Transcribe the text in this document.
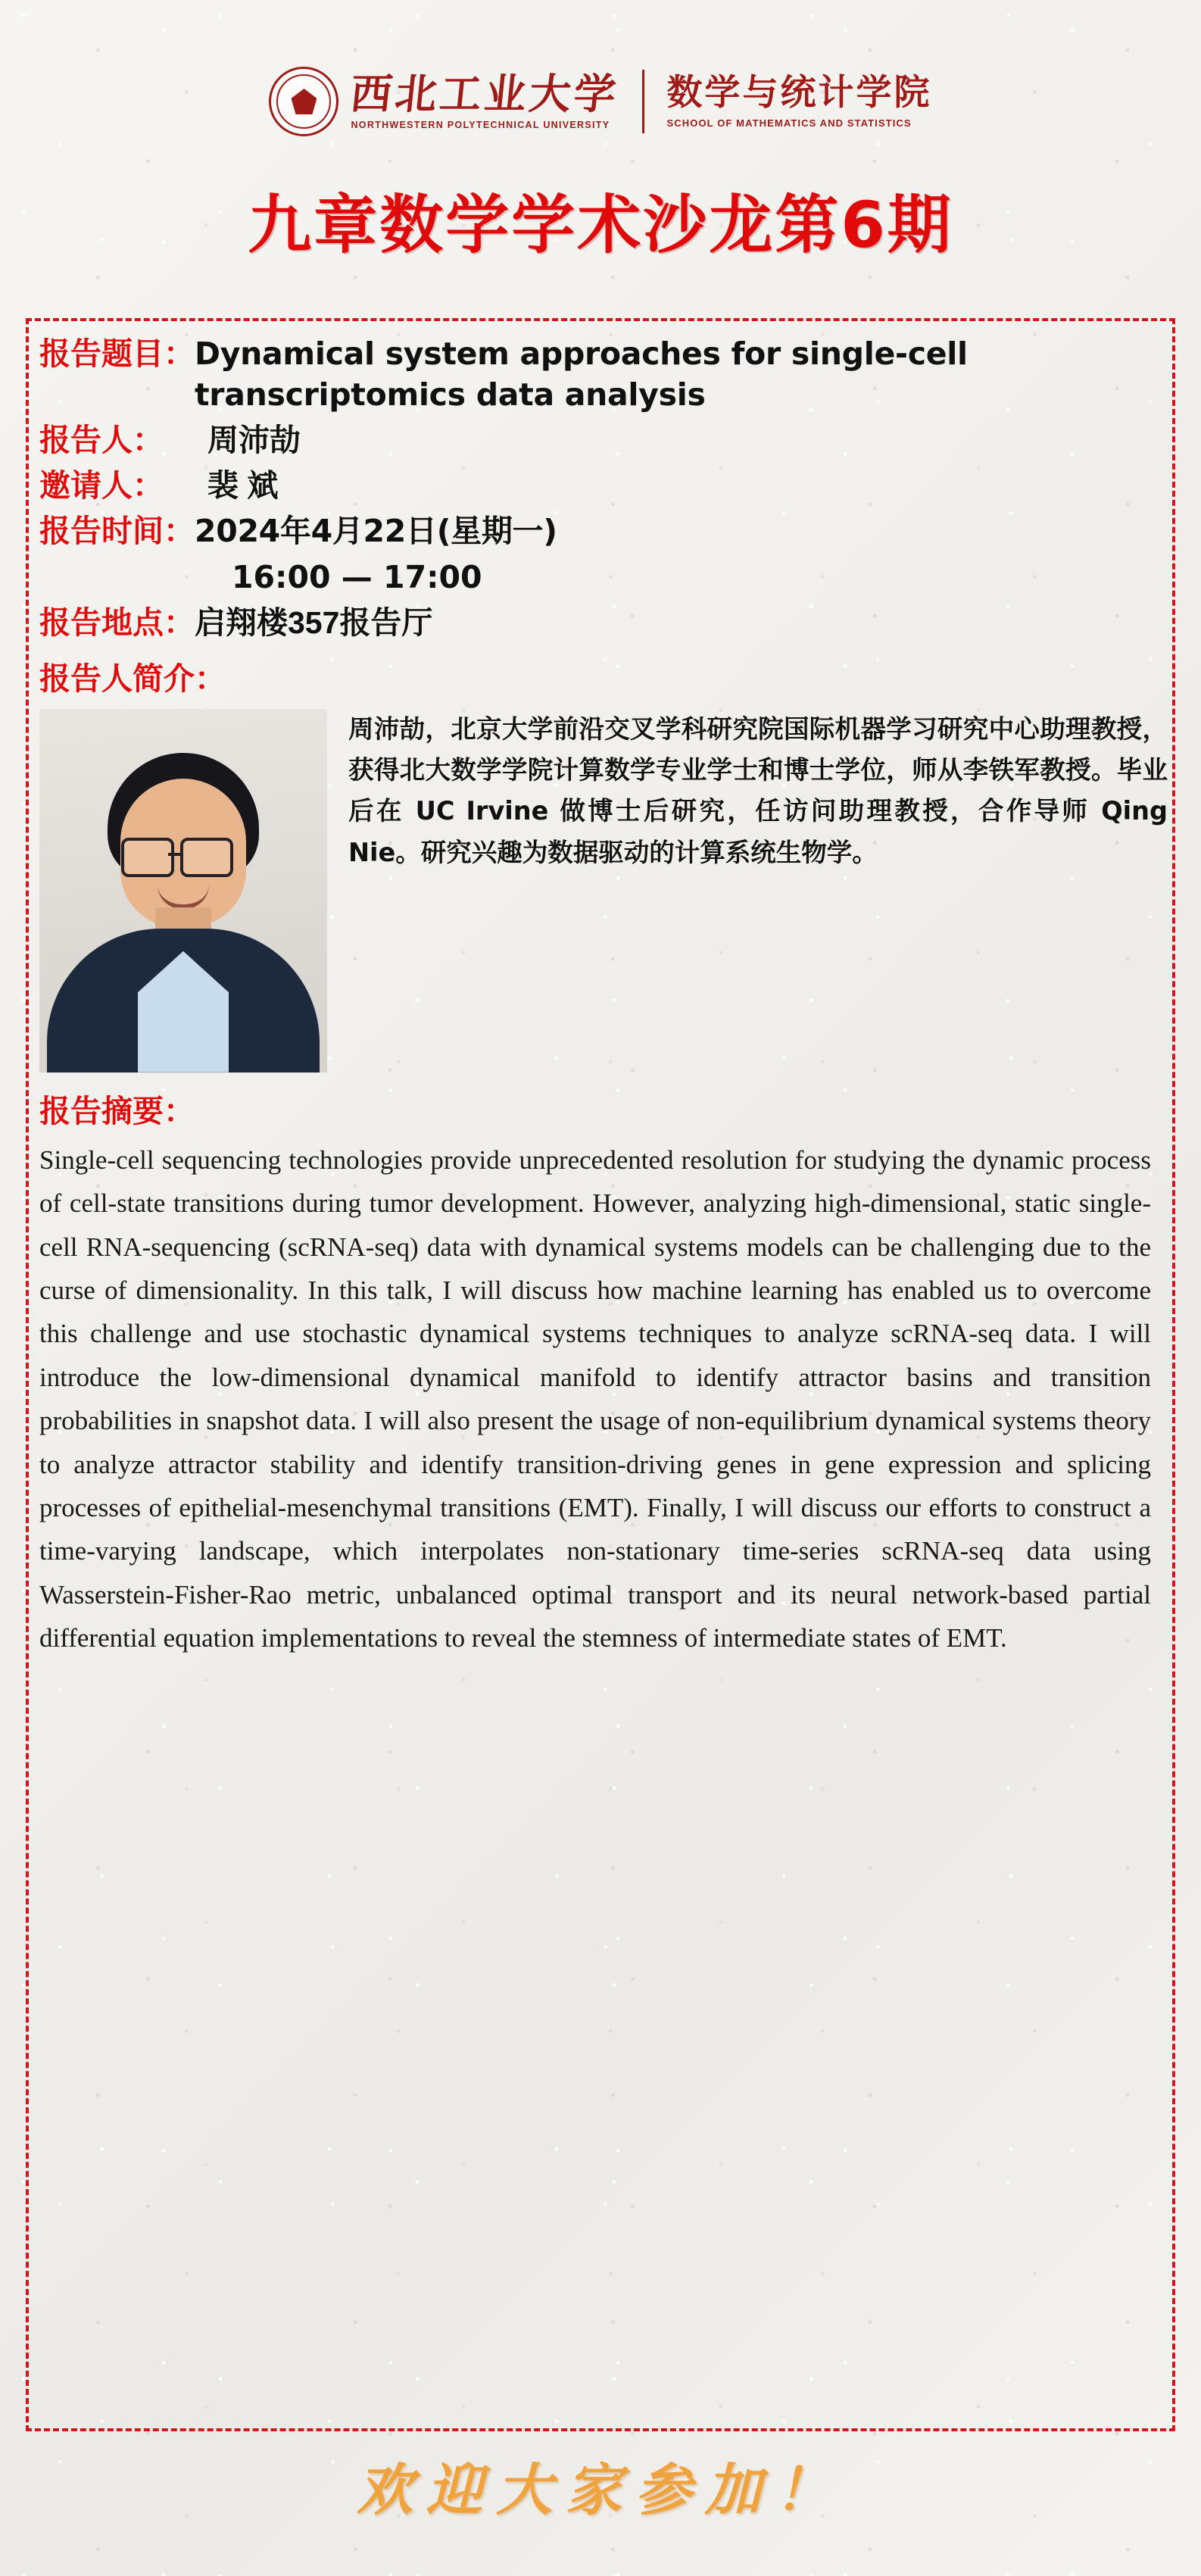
西北工业大学
NORTHWESTERN POLYTECHNICAL UNIVERSITY
数学与统计学院
SCHOOL OF MATHEMATICS AND STATISTICS
九章数学学术沙龙第6期
报告题目： Dynamical system approaches for single-cell transcriptomics data analysis
报告人：	周沛劼
邀请人：	裴 斌
报告时间： 2024年4月22日(星期一)
16:00 — 17:00
报告地点： 启翔楼357报告厅
报告人简介：
周沛劼，北京大学前沿交叉学科研究院国际机器学习研究中心助理教授，获得北大数学学院计算数学专业学士和博士学位，师从李铁军教授。毕业后在 UC Irvine 做博士后研究，任访问助理教授，合作导师 Qing Nie。研究兴趣为数据驱动的计算系统生物学。
报告摘要：
Single-cell sequencing technologies provide unprecedented resolution for studying the dynamic process of cell-state transitions during tumor development. However, analyzing high-dimensional, static single-cell RNA-sequencing (scRNA-seq) data with dynamical systems models can be challenging due to the curse of dimensionality. In this talk, I will discuss how machine learning has enabled us to overcome this challenge and use stochastic dynamical systems techniques to analyze scRNA-seq data. I will introduce the low-dimensional dynamical manifold to identify attractor basins and transition probabilities in snapshot data. I will also present the usage of non-equilibrium dynamical systems theory to analyze attractor stability and identify transition-driving genes in gene expression and splicing processes of epithelial-mesenchymal transitions (EMT). Finally, I will discuss our efforts to construct a time-varying landscape, which interpolates non-stationary time-series scRNA-seq data using Wasserstein-Fisher-Rao metric, unbalanced optimal transport and its neural network-based partial differential equation implementations to reveal the stemness of intermediate states of EMT.
欢迎大家参加！
